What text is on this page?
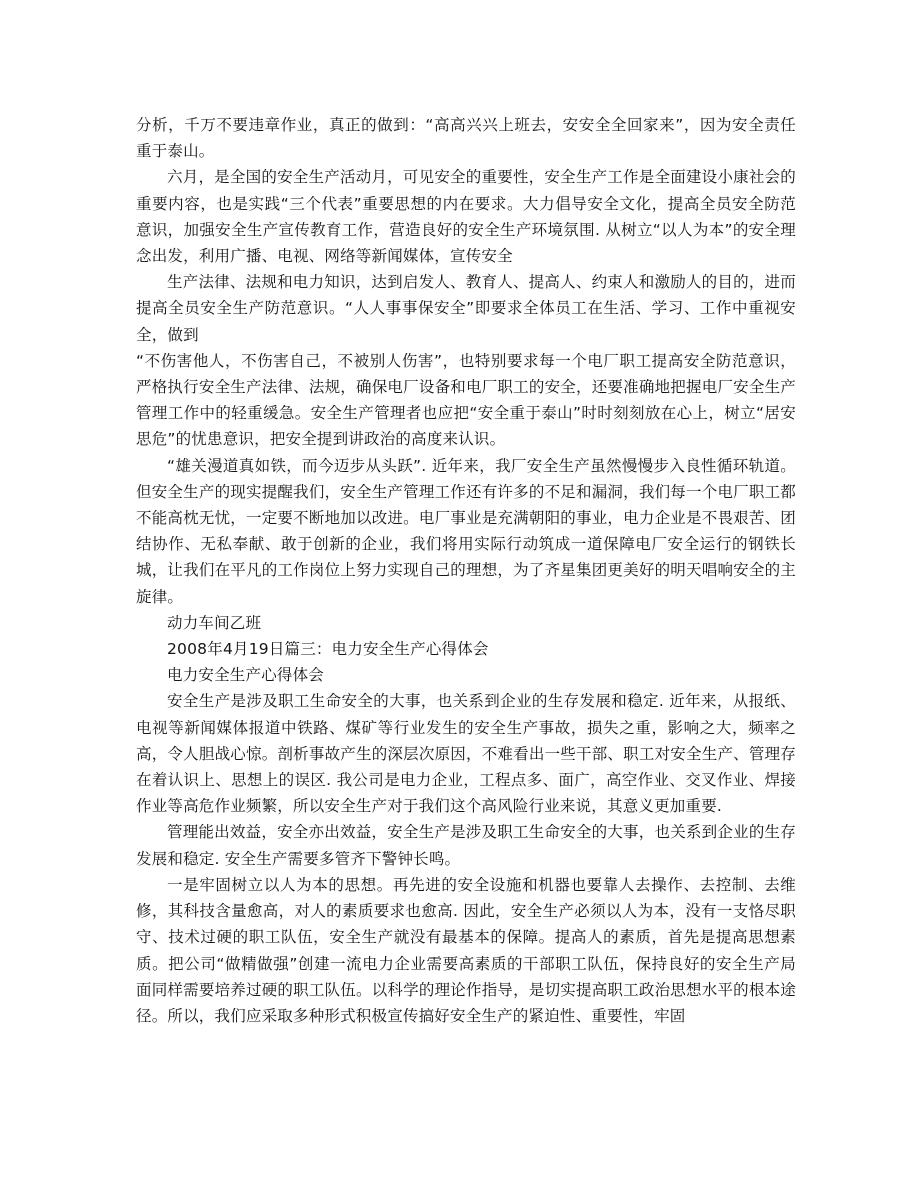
分析，千万不要违章作业，真正的做到：“高高兴兴上班去，安安全全回家来”，因为安全责任重于泰山。

六月，是全国的安全生产活动月，可见安全的重要性，安全生产工作是全面建设小康社会的重要内容，也是实践“三个代表”重要思想的内在要求。大力倡导安全文化，提高全员安全防范意识，加强安全生产宣传教育工作，营造良好的安全生产环境氛围. 从树立“以人为本”的安全理念出发，利用广播、电视、网络等新闻媒体，宣传安全

生产法律、法规和电力知识，达到启发人、教育人、提高人、约束人和激励人的目的，进而提高全员安全生产防范意识。“人人事事保安全”即要求全体员工在生活、学习、工作中重视安全，做到

“不伤害他人，不伤害自己，不被别人伤害”，也特别要求每一个电厂职工提高安全防范意识，严格执行安全生产法律、法规，确保电厂设备和电厂职工的安全，还要准确地把握电厂安全生产管理工作中的轻重缓急。安全生产管理者也应把“安全重于泰山”时时刻刻放在心上，树立“居安思危”的忧患意识，把安全提到讲政治的高度来认识。

“雄关漫道真如铁，而今迈步从头跃”. 近年来，我厂安全生产虽然慢慢步入良性循环轨道。但安全生产的现实提醒我们，安全生产管理工作还有许多的不足和漏洞，我们每一个电厂职工都不能高枕无忧，一定要不断地加以改进。电厂事业是充满朝阳的事业，电力企业是不畏艰苦、团结协作、无私奉献、敢于创新的企业，我们将用实际行动筑成一道保障电厂安全运行的钢铁长城，让我们在平凡的工作岗位上努力实现自己的理想，为了齐星集团更美好的明天唱响安全的主旋律。

动力车间乙班

2008年4月19日篇三：电力安全生产心得体会

电力安全生产心得体会

安全生产是涉及职工生命安全的大事，也关系到企业的生存发展和稳定. 近年来，从报纸、电视等新闻媒体报道中铁路、煤矿等行业发生的安全生产事故，损失之重，影响之大，频率之高，令人胆战心惊。剖析事故产生的深层次原因，不难看出一些干部、职工对安全生产、管理存在着认识上、思想上的误区. 我公司是电力企业，工程点多、面广，高空作业、交叉作业、焊接作业等高危作业频繁，所以安全生产对于我们这个高风险行业来说，其意义更加重要.

管理能出效益，安全亦出效益，安全生产是涉及职工生命安全的大事，也关系到企业的生存发展和稳定. 安全生产需要多管齐下警钟长鸣。

一是牢固树立以人为本的思想。再先进的安全设施和机器也要靠人去操作、去控制、去维修，其科技含量愈高，对人的素质要求也愈高. 因此，安全生产必须以人为本，没有一支恪尽职守、技术过硬的职工队伍，安全生产就没有最基本的保障。提高人的素质，首先是提高思想素质。把公司“做精做强”创建一流电力企业需要高素质的干部职工队伍，保持良好的安全生产局面同样需要培养过硬的职工队伍。以科学的理论作指导，是切实提高职工政治思想水平的根本途径。所以，我们应采取多种形式积极宣传搞好安全生产的紧迫性、重要性，牢固
